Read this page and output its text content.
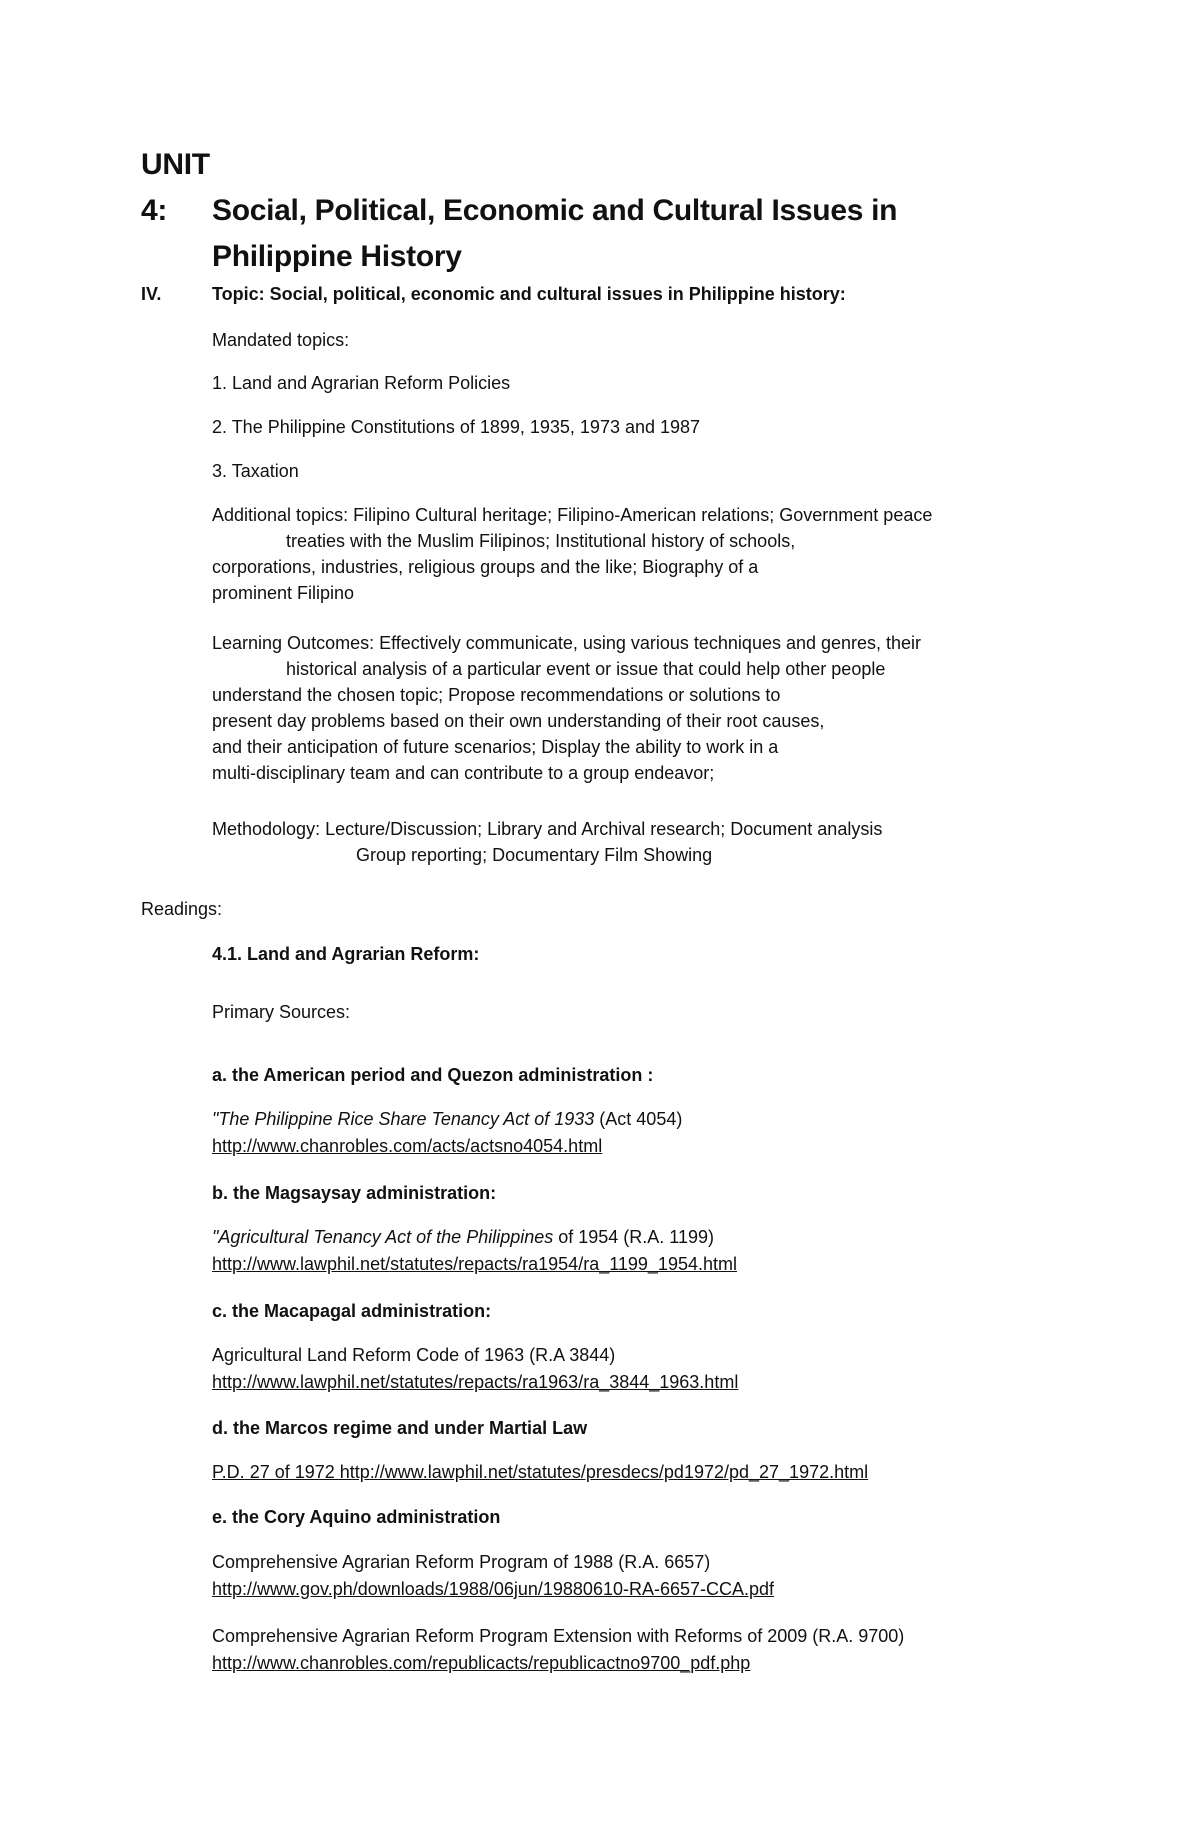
UNIT 4: Social, Political, Economic and Cultural Issues in
Philippine History
IV.	Topic: Social, political, economic and cultural issues in Philippine history:
Mandated topics:
1. Land and Agrarian Reform Policies
2. The Philippine Constitutions of 1899, 1935, 1973 and 1987
3. Taxation
Additional topics: Filipino Cultural heritage; Filipino-American relations; Government peace
treaties with the Muslim Filipinos; Institutional history of schools,
corporations, industries, religious groups and the like; Biography of a
prominent Filipino
Learning Outcomes: Effectively communicate, using various techniques and genres, their
historical analysis of a particular event or issue that could help other people
understand the chosen topic; Propose recommendations or solutions to
present day problems based on their own understanding of their root causes,
and their anticipation of future scenarios; Display the ability to work in a
multi-disciplinary team and can contribute to a group endeavor;
Methodology: Lecture/Discussion; Library and Archival research; Document analysis
Group reporting; Documentary Film Showing
Readings:
4.1. Land and Agrarian Reform:
Primary Sources:
a. the American period and Quezon administration :
"The Philippine Rice Share Tenancy Act of 1933 (Act 4054)
http://www.chanrobles.com/acts/actsno4054.html
b. the Magsaysay administration:
"Agricultural Tenancy Act of the Philippines of 1954 (R.A. 1199)
http://www.lawphil.net/statutes/repacts/ra1954/ra_1199_1954.html
c. the Macapagal administration:
Agricultural Land Reform Code of 1963 (R.A 3844)
http://www.lawphil.net/statutes/repacts/ra1963/ra_3844_1963.html
d. the Marcos regime and under Martial Law
P.D. 27 of 1972 http://www.lawphil.net/statutes/presdecs/pd1972/pd_27_1972.html
e. the Cory Aquino administration
Comprehensive Agrarian Reform Program of 1988 (R.A. 6657)
http://www.gov.ph/downloads/1988/06jun/19880610-RA-6657-CCA.pdf
Comprehensive Agrarian Reform Program Extension with Reforms of 2009 (R.A. 9700)
http://www.chanrobles.com/republicacts/republicactno9700_pdf.php
